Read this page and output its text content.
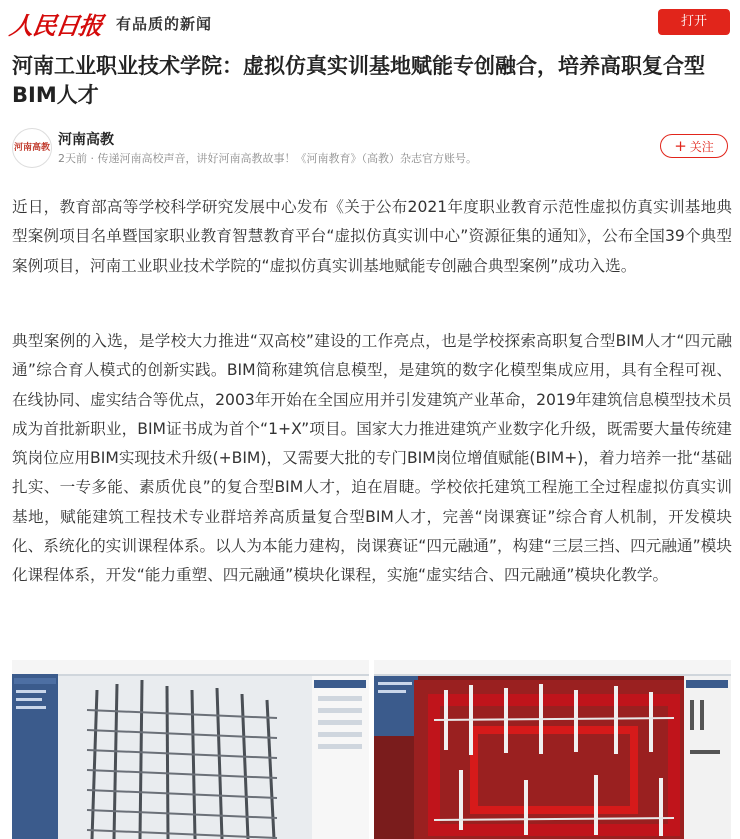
人民日报 有品质的新闻	打开
河南工业职业技术学院：虚拟仿真实训基地赋能专创融合，培养高职复合型BIM人才
河南高教 河南高教
2天前 · 传递河南高校声音，讲好河南高教故事！《河南教育》（高教）杂志官方账号。
+ 关注

近日，教育部高等学校科学研究发展中心发布《关于公布2021年度职业教育示范性虚拟仿真实训基地典型案例项目名单暨国家职业教育智慧教育平台“虚拟仿真实训中心”资源征集的通知》，公布全国39个典型案例项目，河南工业职业技术学院的“虚拟仿真实训基地赋能专创融合典型案例”成功入选。

典型案例的入选，是学校大力推进“双高校”建设的工作亮点，也是学校探索高职复合型BIM人才“四元融通”综合育人模式的创新实践。BIM简称建筑信息模型，是建筑的数字化模型集成应用，具有全程可视、在线协同、虚实结合等优点，2003年开始在全国应用并引发建筑产业革命，2019年建筑信息模型技术员成为首批新职业，BIM证书成为首个“1+X”项目。国家大力推进建筑产业数字化升级，既需要大量传统建筑岗位应用BIM实现技术升级(+BIM)，又需要大批的专门BIM岗位增值赋能(BIM+)，着力培养一批“基础扎实、一专多能、素质优良”的复合型BIM人才，迫在眉睫。学校依托建筑工程施工全过程虚拟仿真实训基地，赋能建筑工程技术专业群培养高质量复合型BIM人才，完善“岗课赛证”综合育人机制，开发模块化、系统化的实训课程体系。以人为本能力建构，岗课赛证“四元融通”，构建“三层三挡、四元融通”模块化课程体系，开发“能力重塑、四元融通”模块化课程，实施“虚实结合、四元融通”模块化教学。
